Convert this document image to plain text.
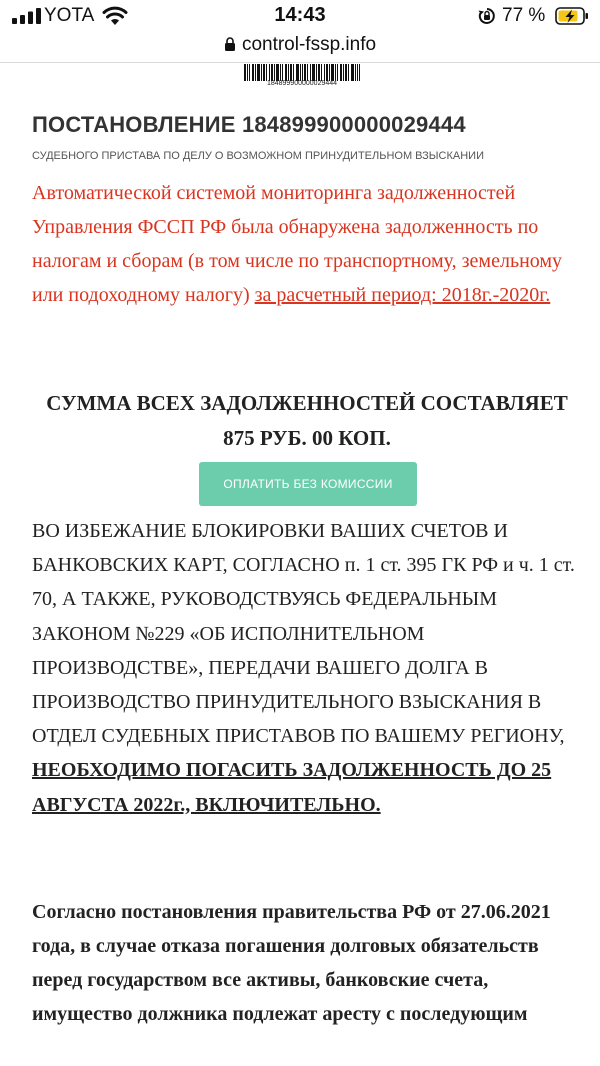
YOTA	14:43	77 %
control-fssp.info
184899900000029444
ПОСТАНОВЛЕНИЕ 184899900000029444
СУДЕБНОГО ПРИСТАВА ПО ДЕЛУ О ВОЗМОЖНОМ ПРИНУДИТЕЛЬНОМ ВЗЫСКАНИИ
Автоматической системой мониторинга задолженностей Управления ФССП РФ была обнаружена задолженность по налогам и сборам (в том числе по транспортному, земельному или подоходному налогу) за расчетный период: 2018г.-2020г.
СУММА ВСЕХ ЗАДОЛЖЕННОСТЕЙ СОСТАВЛЯЕТ 875 РУБ. 00 КОП.
ОПЛАТИТЬ БЕЗ КОМИССИИ
ВО ИЗБЕЖАНИЕ БЛОКИРОВКИ ВАШИХ СЧЕТОВ И БАНКОВСКИХ КАРТ, СОГЛАСНО п. 1 ст. 395 ГК РФ и ч. 1 ст. 70, А ТАКЖЕ, РУКОВОДСТВУЯСЬ ФЕДЕРАЛЬНЫМ ЗАКОНОМ №229 «ОБ ИСПОЛНИТЕЛЬНОМ ПРОИЗВОДСТВЕ», ПЕРЕДАЧИ ВАШЕГО ДОЛГА В ПРОИЗВОДСТВО ПРИНУДИТЕЛЬНОГО ВЗЫСКАНИЯ В ОТДЕЛ СУДЕБНЫХ ПРИСТАВОВ ПО ВАШЕМУ РЕГИОНУ, НЕОБХОДИМО ПОГАСИТЬ ЗАДОЛЖЕННОСТЬ ДО 25 АВГУСТА 2022г., ВКЛЮЧИТЕЛЬНО.
Согласно постановления правительства РФ от 27.06.2021 года, в случае отказа погашения долговых обязательств перед государством все активы, банковские счета, имущество должника подлежат аресту с последующим
